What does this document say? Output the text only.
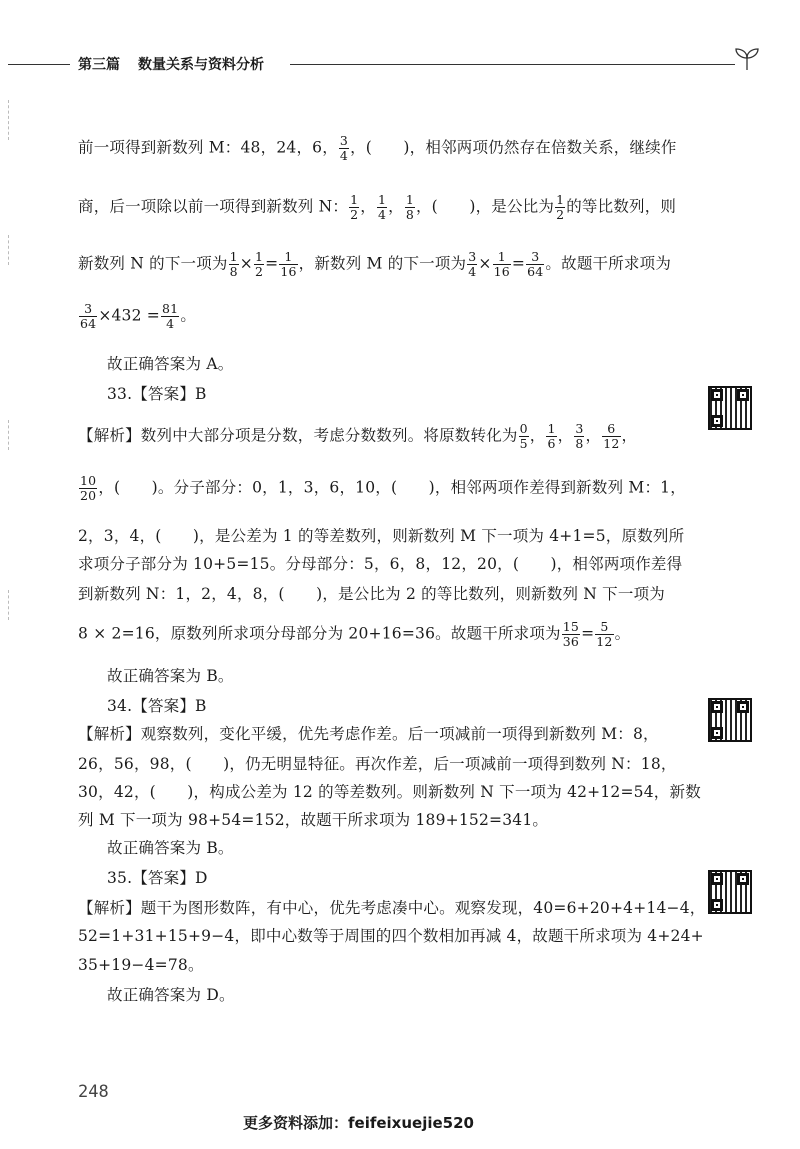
第三篇 数量关系与资料分析
前一项得到新数列 M：48，24，6， $\frac{3}{4}$ ，(　　)，相邻两项仍然存在倍数关系，继续作
商，后一项除以前一项得到新数列 N： $\frac{1}{2}$ ， $\frac{1}{4}$ ， $\frac{1}{8}$ ，(　　)，是公比为 $\frac{1}{2}$ 的等比数列，则
新数列 N 的下一项为 $\frac{1}{8} \times \frac{1}{2} = \frac{1}{16}$ ，新数列 M 的下一项为 $\frac{3}{4} \times \frac{1}{16} = \frac{3}{64}$ 。故题干所求项为
$\frac{3}{64} \times 432 = \frac{81}{4}$ 。
故正确答案为 A。
33.【答案】B
【解析】数列中大部分项是分数，考虑分数数列。将原数转化为 $\frac{0}{5}$ ， $\frac{1}{6}$ ， $\frac{3}{8}$ ， $\frac{6}{12}$ ，
$\frac{10}{20}$ ，(　　)。分子部分：0，1，3，6，10，(　　)，相邻两项作差得到新数列 M：1，
2，3，4，(　　)，是公差为 1 的等差数列，则新数列 M 下一项为 4+1=5，原数列所
求项分子部分为 10+5=15。分母部分：5，6，8，12，20，(　　)，相邻两项作差得
到新数列 N：1，2，4，8，(　　)，是公比为 2 的等比数列，则新数列 N 下一项为
8 × 2=16，原数列所求项分母部分为 20+16=36。故题干所求项为 $\frac{15}{36} = \frac{5}{12}$ 。
故正确答案为 B。
34.【答案】B
【解析】观察数列，变化平缓，优先考虑作差。后一项减前一项得到新数列 M：8，
26，56，98，(　　)，仍无明显特征。再次作差，后一项减前一项得到数列 N：18，
30，42，(　　)，构成公差为 12 的等差数列。则新数列 N 下一项为 42+12=54，新数
列 M 下一项为 98+54=152，故题干所求项为 189+152=341。
故正确答案为 B。
35.【答案】D
【解析】题干为图形数阵，有中心，优先考虑凑中心。观察发现，40=6+20+4+14−4，
52=1+31+15+9−4，即中心数等于周围的四个数相加再减 4，故题干所求项为 4+24+
35+19−4=78。
故正确答案为 D。
248
更多资料添加：feifeixuejie520
